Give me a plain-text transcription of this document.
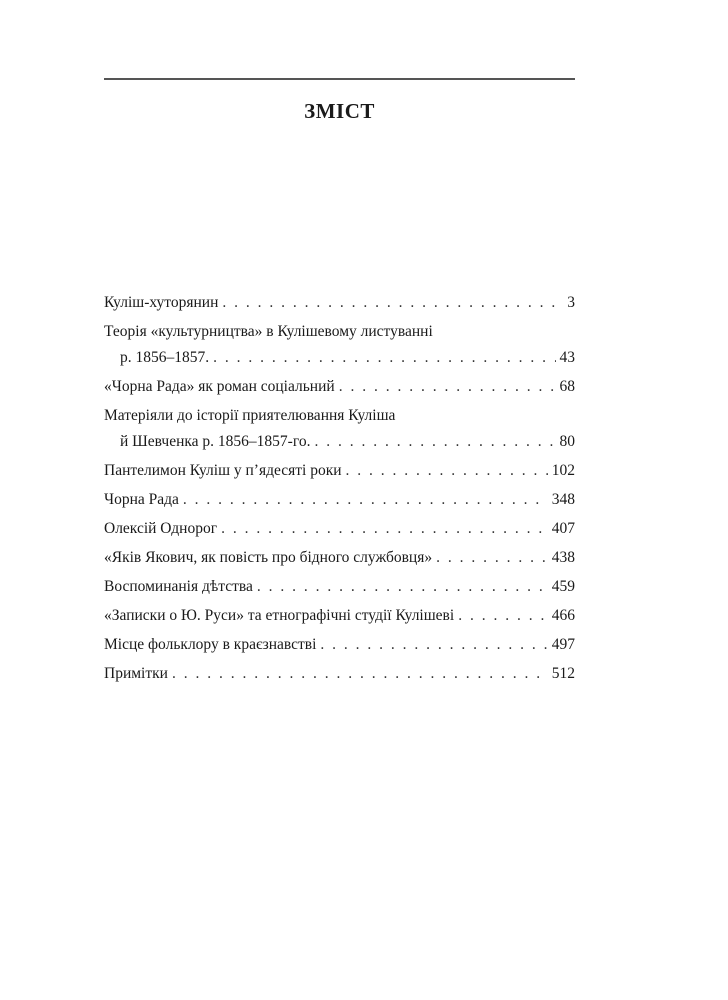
ЗМІСТ
Куліш-хуторянин . . .	3
Теорія «культурництва» в Кулішевому листуванні
р. 1856–1857. . . .	43
«Чорна Рада» як роман соціальний . . .	68
Матеріяли до історії приятелювання Куліша
й Шевченка р. 1856–1857-го. . . .	80
Пантелимон Куліш у п’ядесяті роки . . .	102
Чорна Рада . . .	348
Олексій Однорог . . .	407
«Яків Якович, як повість про бідного службовця» . . .	438
Воспоминанія дѣтства . . .	459
«Записки о Ю. Руси» та етнографічні студії Кулішеві . . .	466
Місце фольклору в краєзнавстві . . .	497
Примітки . . .	512
